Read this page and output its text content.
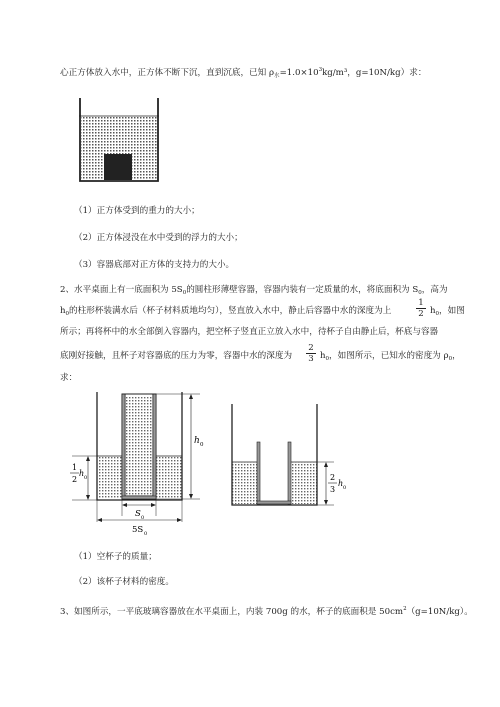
心正方体放入水中，正方体不断下沉，直到沉底，已知 $\rho_水=1.0\times 10^3kg/m^3$，g=10N/kg）求：
（1）正方体受到的重力的大小；
（2）正方体浸没在水中受到的浮力的大小；
（3）容器底部对正方体的支持力的大小。
2、水平桌面上有一底面积为 $5S_0$的圆柱形薄壁容器，容器内装有一定质量的水，将底面积为 $S_0$，高为
$h_0$的柱形杯装满水后（杯子材料质地均匀），竖直放入水中，静止后容器中水的深度为上	$\frac{1}{2} h_0$，如图
所示；再将杯中的水全部倒入容器内，把空杯子竖直正立放入水中，待杯子自由静止后，杯底与容器
底刚好接触，且杯子对容器底的压力为零，容器中水的深度为 $\frac{2}{3} h_0$，如图所示，已知水的密度为 $\rho_0$，
求：
h 0
1
2
h 0
S 0
5S 0
2
3
h 0
（1）空杯子的质量；
（2）该杯子材料的密度。
3、如图所示，一平底玻璃容器放在水平桌面上，内装 700g 的水，杯子的底面积是 $50cm^2(g=10N/kg)$。
